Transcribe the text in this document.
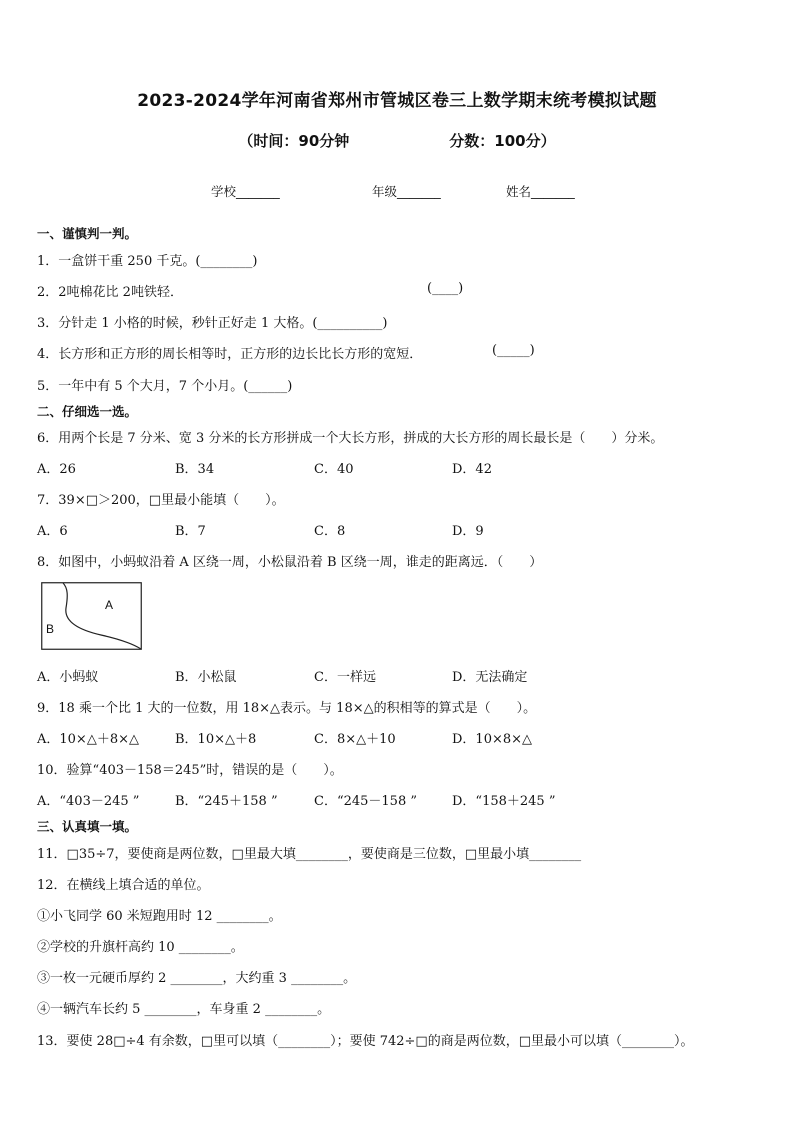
2023-2024学年河南省郑州市管城区卷三上数学期末统考模拟试题
（时间：90分钟	分数：100分）
学校_______	年级_______	姓名_______
一、谨慎判一判。
1．一盒饼干重 250 千克。(________)
2．2吨棉花比 2吨铁轻．	(____)
3．分针走 1 小格的时候，秒针正好走 1 大格。(__________)
4．长方形和正方形的周长相等时，正方形的边长比长方形的宽短．	(_____)
5．一年中有 5 个大月，7 个小月。(______)
二、仔细选一选。
6．用两个长是 7 分米、宽 3 分米的长方形拼成一个大长方形，拼成的大长方形的周长最长是（　　）分米。
A．26	B．34	C．40	D．42
7．39×□＞200，□里最小能填（　　）。
A．6	B．7	C．8	D．9
8．如图中，小蚂蚁沿着 A 区绕一周，小松鼠沿着 B 区绕一周，谁走的距离远．（　　）
A
B
A．小蚂蚁	B．小松鼠	C．一样远	D．无法确定
9．18 乘一个比 1 大的一位数，用 18×△表示。与 18×△的积相等的算式是（　　）。
A．10×△＋8×△	B．10×△＋8	C．8×△＋10	D．10×8×△
10．验算“403－158＝245”时，错误的是（　　）。
A．“403－245 ”	B．“245＋158 ”	C．“245－158 ”	D．“158＋245 ”
三、认真填一填。
11．□35÷7，要使商是两位数，□里最大填________，要使商是三位数，□里最小填________
12．在横线上填合适的单位。
①小飞同学 60 米短跑用时 12 ________。
②学校的升旗杆高约 10 ________。
③一枚一元硬币厚约 2 ________，大约重 3 ________。
④一辆汽车长约 5 ________，车身重 2 ________。
13．要使 28□÷4 有余数，□里可以填（________）；要使 742÷□的商是两位数，□里最小可以填（________）。
